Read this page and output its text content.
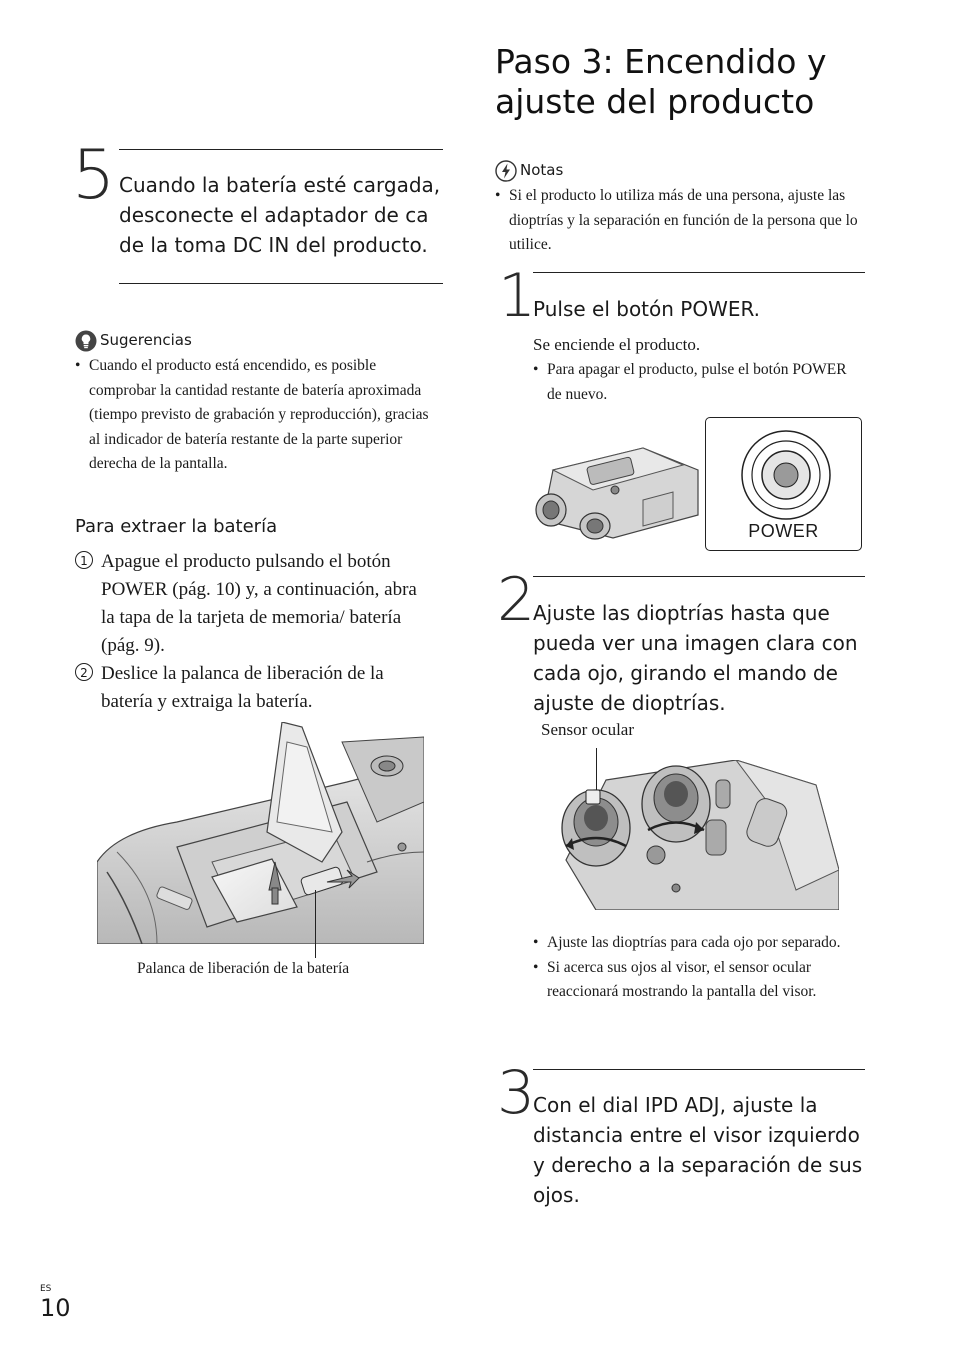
5 Cuando la batería esté cargada, desconecte el adaptador de ca de la toma DC IN del producto.
Sugerencias
• Cuando el producto está encendido, es posible comprobar la cantidad restante de batería aproximada (tiempo previsto de grabación y reproducción), gracias al indicador de batería restante de la parte superior derecha de la pantalla.
Para extraer la batería
1 Apague el producto pulsando el botón POWER (pág. 10) y, a continuación, abra la tapa de la tarjeta de memoria/ batería (pág. 9).
2 Deslice la palanca de liberación de la batería y extraiga la batería.
Palanca de liberación de la batería
Paso 3: Encendido y ajuste del producto
Notas
• Si el producto lo utiliza más de una persona, ajuste las dioptrías y la separación en función de la persona que lo utilice.
1
Pulse el botón POWER.
Se enciende el producto.
• Para apagar el producto, pulse el botón POWER de nuevo.
POWER
2
Ajuste las dioptrías hasta que pueda ver una imagen clara con cada ojo, girando el mando de ajuste de dioptrías.
Sensor ocular
• Ajuste las dioptrías para cada ojo por separado.
• Si acerca sus ojos al visor, el sensor ocular reaccionará mostrando la pantalla del visor.
3
Con el dial IPD ADJ, ajuste la distancia entre el visor izquierdo y derecho a la separación de sus ojos.
ES
10
